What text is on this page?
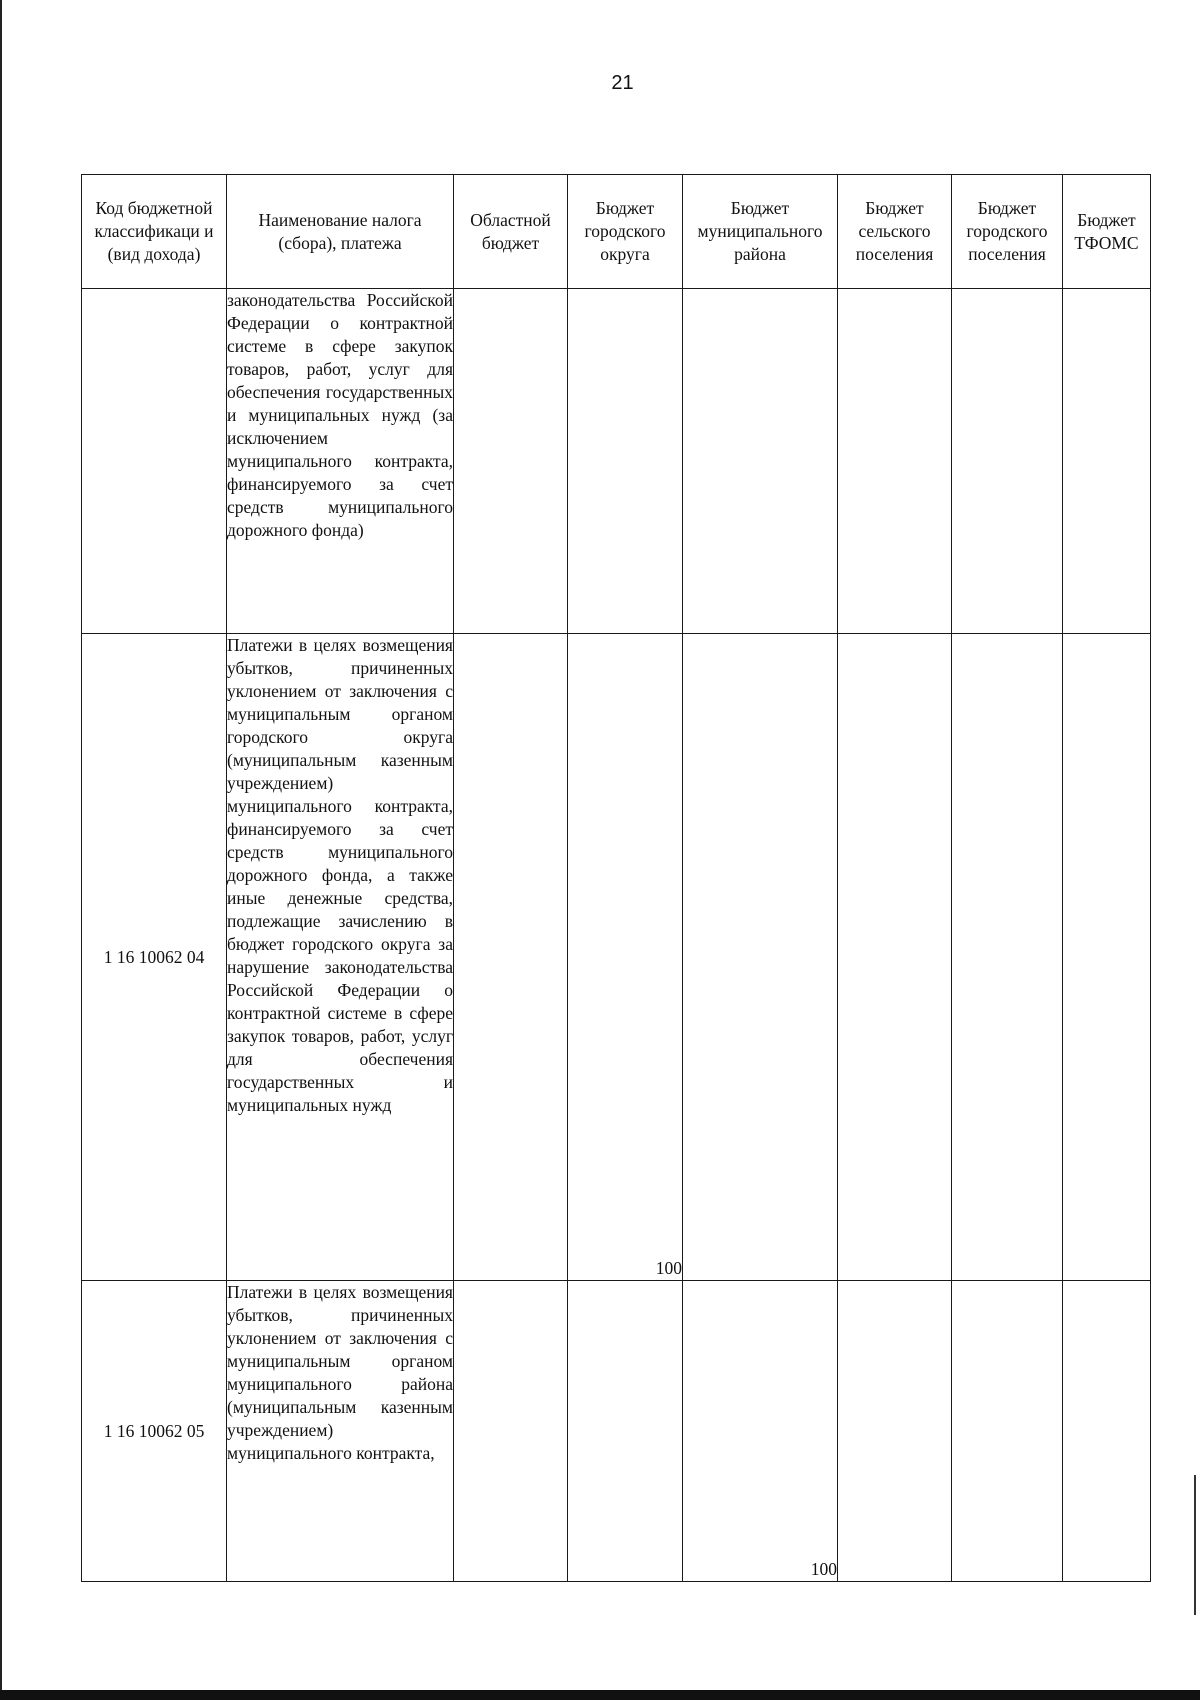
21
Код бюджетной классификаци и (вид дохода)	Наименование налога (сбора), платежа	Областной бюджет	Бюджет городского округа	Бюджет муниципального района	Бюджет сельского поселения	Бюджет городского поселения	Бюджет ТФОМС
	законодательства Российской Федерации о контрактной системе в сфере закупок товаров, работ, услуг для обеспечения государственных и муниципальных нужд (за исключением муниципального контракта, финансируемого за счет средств муниципального дорожного фонда)						
1 16 10062 04	Платежи в целях возмещения убытков, причиненных уклонением от заключения с муниципальным органом городского округа (муниципальным казенным учреждением) муниципального контракта, финансируемого за счет средств муниципального дорожного фонда, а также иные денежные средства, подлежащие зачислению в бюджет городского округа за нарушение законодательства Российской Федерации о контрактной системе в сфере закупок товаров, работ, услуг для обеспечения государственных и муниципальных нужд		100				
1 16 10062 05	Платежи в целях возмещения убытков, причиненных уклонением от заключения с муниципальным органом муниципального района (муниципальным казенным учреждением) муниципального контракта,			100			
